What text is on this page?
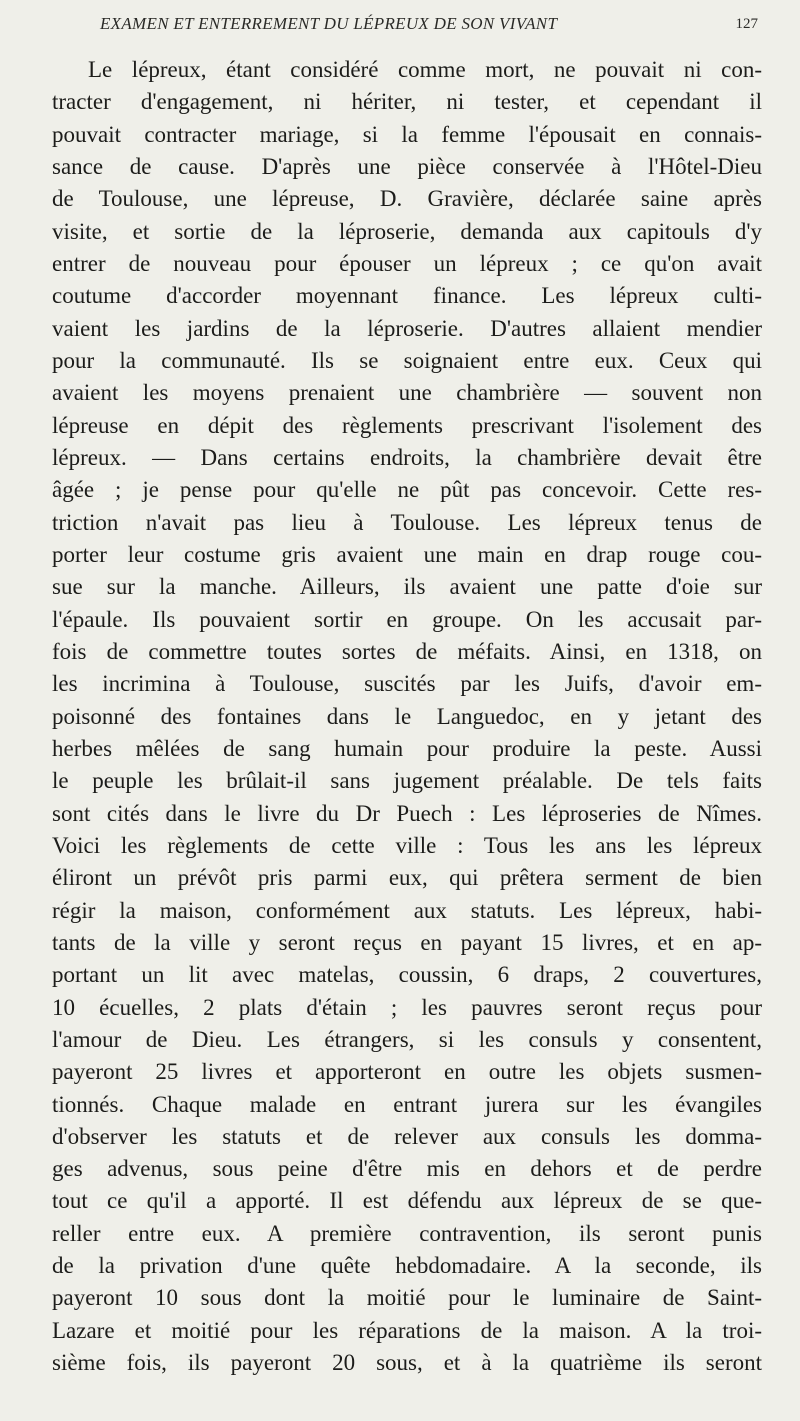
EXAMEN ET ENTERREMENT DU LÉPREUX DE SON VIVANT	127
Le lépreux, étant considéré comme mort, ne pouvait ni con-
tracter d'engagement, ni hériter, ni tester, et cependant il
pouvait contracter mariage, si la femme l'épousait en connais-
sance de cause. D'après une pièce conservée à l'Hôtel-Dieu
de Toulouse, une lépreuse, D. Gravière, déclarée saine après
visite, et sortie de la léproserie, demanda aux capitouls d'y
entrer de nouveau pour épouser un lépreux ; ce qu'on avait
coutume d'accorder moyennant finance. Les lépreux culti-
vaient les jardins de la léproserie. D'autres allaient mendier
pour la communauté. Ils se soignaient entre eux. Ceux qui
avaient les moyens prenaient une chambrière — souvent non
lépreuse en dépit des règlements prescrivant l'isolement des
lépreux. — Dans certains endroits, la chambrière devait être
âgée ; je pense pour qu'elle ne pût pas concevoir. Cette res-
triction n'avait pas lieu à Toulouse. Les lépreux tenus de
porter leur costume gris avaient une main en drap rouge cou-
sue sur la manche. Ailleurs, ils avaient une patte d'oie sur
l'épaule. Ils pouvaient sortir en groupe. On les accusait par-
fois de commettre toutes sortes de méfaits. Ainsi, en 1318, on
les incrimina à Toulouse, suscités par les Juifs, d'avoir em-
poisonné des fontaines dans le Languedoc, en y jetant des
herbes mêlées de sang humain pour produire la peste. Aussi
le peuple les brûlait-il sans jugement préalable. De tels faits
sont cités dans le livre du Dr Puech : Les léproseries de Nîmes.
Voici les règlements de cette ville : Tous les ans les lépreux
éliront un prévôt pris parmi eux, qui prêtera serment de bien
régir la maison, conformément aux statuts. Les lépreux, habi-
tants de la ville y seront reçus en payant 15 livres, et en ap-
portant un lit avec matelas, coussin, 6 draps, 2 couvertures,
10 écuelles, 2 plats d'étain ; les pauvres seront reçus pour
l'amour de Dieu. Les étrangers, si les consuls y consentent,
payeront 25 livres et apporteront en outre les objets susmen-
tionnés. Chaque malade en entrant jurera sur les évangiles
d'observer les statuts et de relever aux consuls les domma-
ges advenus, sous peine d'être mis en dehors et de perdre
tout ce qu'il a apporté. Il est défendu aux lépreux de se que-
reller entre eux. A première contravention, ils seront punis
de la privation d'une quête hebdomadaire. A la seconde, ils
payeront 10 sous dont la moitié pour le luminaire de Saint-
Lazare et moitié pour les réparations de la maison. A la troi-
sième fois, ils payeront 20 sous, et à la quatrième ils seront
